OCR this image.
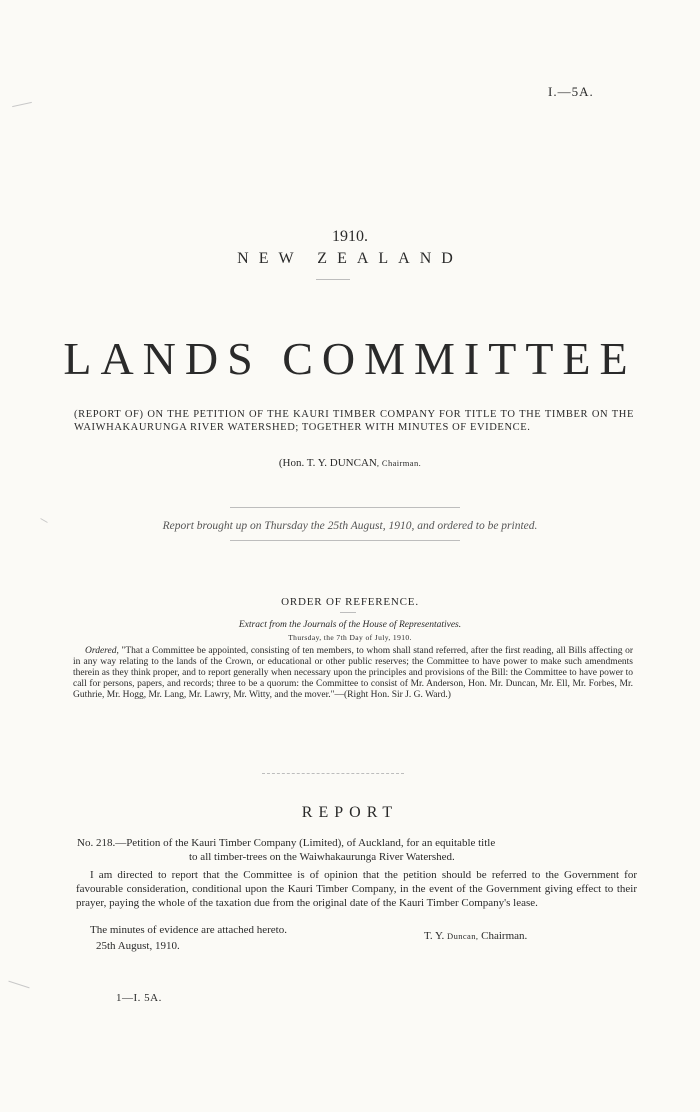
I.—5A.
1910.
NEW ZEALAND
LANDS COMMITTEE
(REPORT OF) ON THE PETITION OF THE KAURI TIMBER COMPANY FOR TITLE TO THE TIMBER ON THE WAIWHAKAURUNGA RIVER WATERSHED; TOGETHER WITH MINUTES OF EVIDENCE.
(Hon. T. Y. DUNCAN, Chairman.
Report brought up on Thursday the 25th August, 1910, and ordered to be printed.
ORDER OF REFERENCE.
Extract from the Journals of the House of Representatives.
Thursday, the 7th Day of July, 1910.
Ordered, "That a Committee be appointed, consisting of ten members, to whom shall stand referred, after the first reading, all Bills affecting or in any way relating to the lands of the Crown, or educational or other public reserves; the Committee to have power to make such amendments therein as they think proper, and to report generally when necessary upon the principles and provisions of the Bill: the Committee to have power to call for persons, papers, and records; three to be a quorum: the Committee to consist of Mr. Anderson, Hon. Mr. Duncan, Mr. Ell, Mr. Forbes, Mr. Guthrie, Mr. Hogg, Mr. Lang, Mr. Lawry, Mr. Witty, and the mover."—(Right Hon. Sir J. G. Ward.)
REPORT
No. 218.—Petition of the Kauri Timber Company (Limited), of Auckland, for an equitable title
to all timber-trees on the Waiwhakaurunga River Watershed.
I am directed to report that the Committee is of opinion that the petition should be referred to the Government for favourable consideration, conditional upon the Kauri Timber Company, in the event of the Government giving effect to their prayer, paying the whole of the taxation due from the original date of the Kauri Timber Company's lease.
The minutes of evidence are attached hereto.	T. Y. Duncan, Chairman.
25th August, 1910.
1—I. 5A.
